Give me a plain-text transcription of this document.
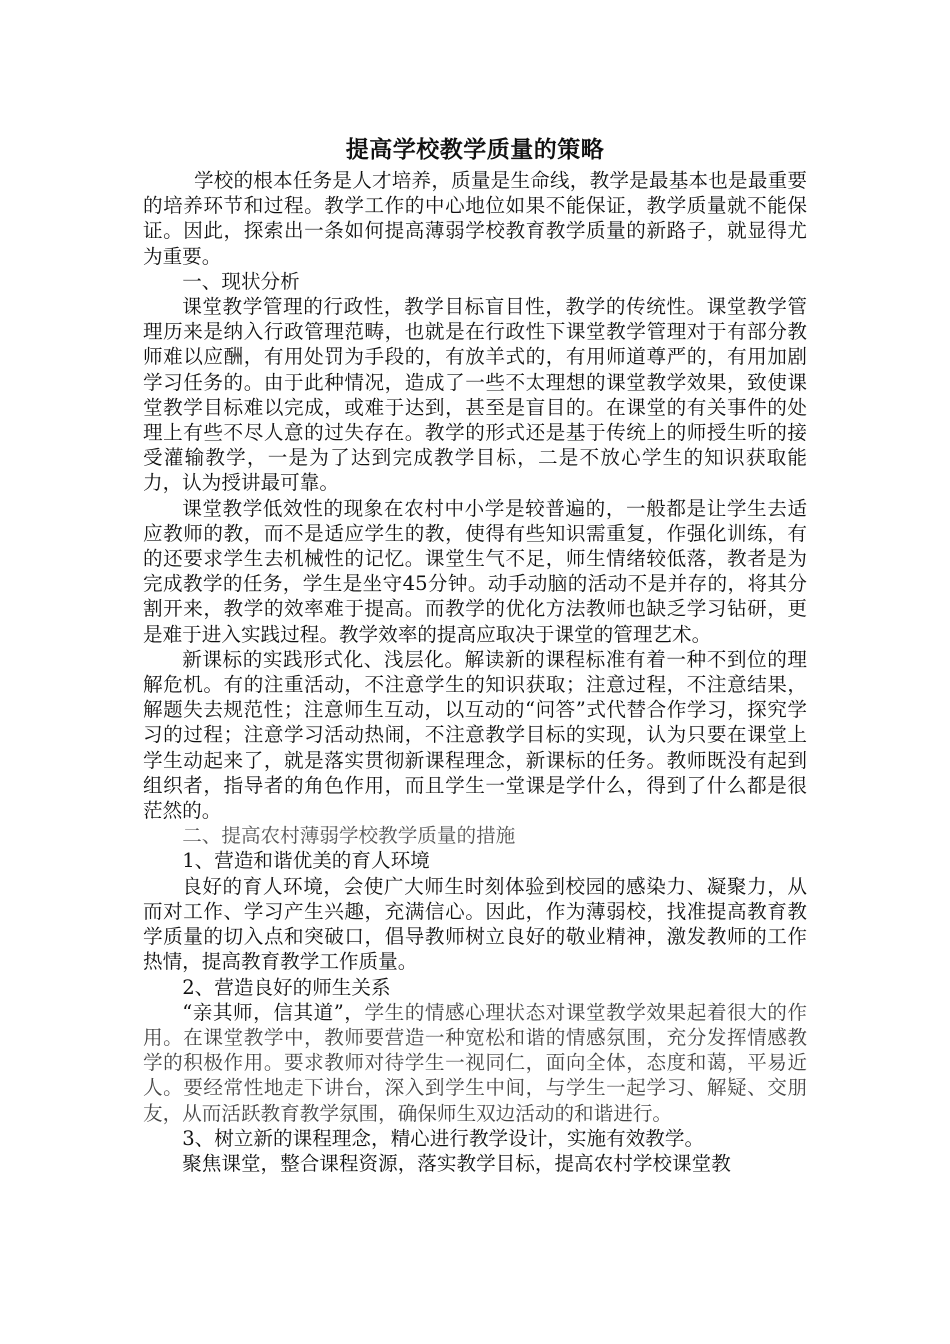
提高学校教学质量的策略

学校的根本任务是人才培养，质量是生命线，教学是最基本也是最重要的培养环节和过程。教学工作的中心地位如果不能保证，教学质量就不能保证。因此，探索出一条如何提高薄弱学校教育教学质量的新路子，就显得尤为重要。

一、现状分析

课堂教学管理的行政性，教学目标盲目性，教学的传统性。课堂教学管理历来是纳入行政管理范畴，也就是在行政性下课堂教学管理对于有部分教师难以应酬，有用处罚为手段的，有放羊式的，有用师道尊严的，有用加剧学习任务的。由于此种情况，造成了一些不太理想的课堂教学效果，致使课堂教学目标难以完成，或难于达到，甚至是盲目的。在课堂的有关事件的处理上有些不尽人意的过失存在。教学的形式还是基于传统上的师授生听的接受灌输教学，一是为了达到完成教学目标，二是不放心学生的知识获取能力，认为授讲最可靠。

课堂教学低效性的现象在农村中小学是较普遍的，一般都是让学生去适应教师的教，而不是适应学生的教，使得有些知识需重复，作强化训练，有的还要求学生去机械性的记忆。课堂生气不足，师生情绪较低落，教者是为完成教学的任务，学生是坐守45分钟。动手动脑的活动不是并存的，将其分割开来，教学的效率难于提高。而教学的优化方法教师也缺乏学习钻研，更是难于进入实践过程。教学效率的提高应取决于课堂的管理艺术。

新课标的实践形式化、浅层化。解读新的课程标准有着一种不到位的理解危机。有的注重活动，不注意学生的知识获取；注意过程，不注意结果，解题失去规范性；注意师生互动，以互动的“问答”式代替合作学习，探究学习的过程；注意学习活动热闹，不注意教学目标的实现，认为只要在课堂上学生动起来了，就是落实贯彻新课程理念，新课标的任务。教师既没有起到组织者，指导者的角色作用，而且学生一堂课是学什么，得到了什么都是很茫然的。

二、提高农村薄弱学校教学质量的措施

1、营造和谐优美的育人环境

良好的育人环境，会使广大师生时刻体验到校园的感染力、凝聚力，从而对工作、学习产生兴趣，充满信心。因此，作为薄弱校，找准提高教育教学质量的切入点和突破口，倡导教师树立良好的敬业精神，激发教师的工作热情，提高教育教学工作质量。

2、营造良好的师生关系

“亲其师，信其道”，学生的情感心理状态对课堂教学效果起着很大的作用。在课堂教学中，教师要营造一种宽松和谐的情感氛围，充分发挥情感教学的积极作用。要求教师对待学生一视同仁，面向全体，态度和蔼，平易近人。要经常性地走下讲台，深入到学生中间，与学生一起学习、解疑、交朋友，从而活跃教育教学氛围，确保师生双边活动的和谐进行。

3、树立新的课程理念，精心进行教学设计，实施有效教学。

聚焦课堂，整合课程资源，落实教学目标，提高农村学校课堂教
